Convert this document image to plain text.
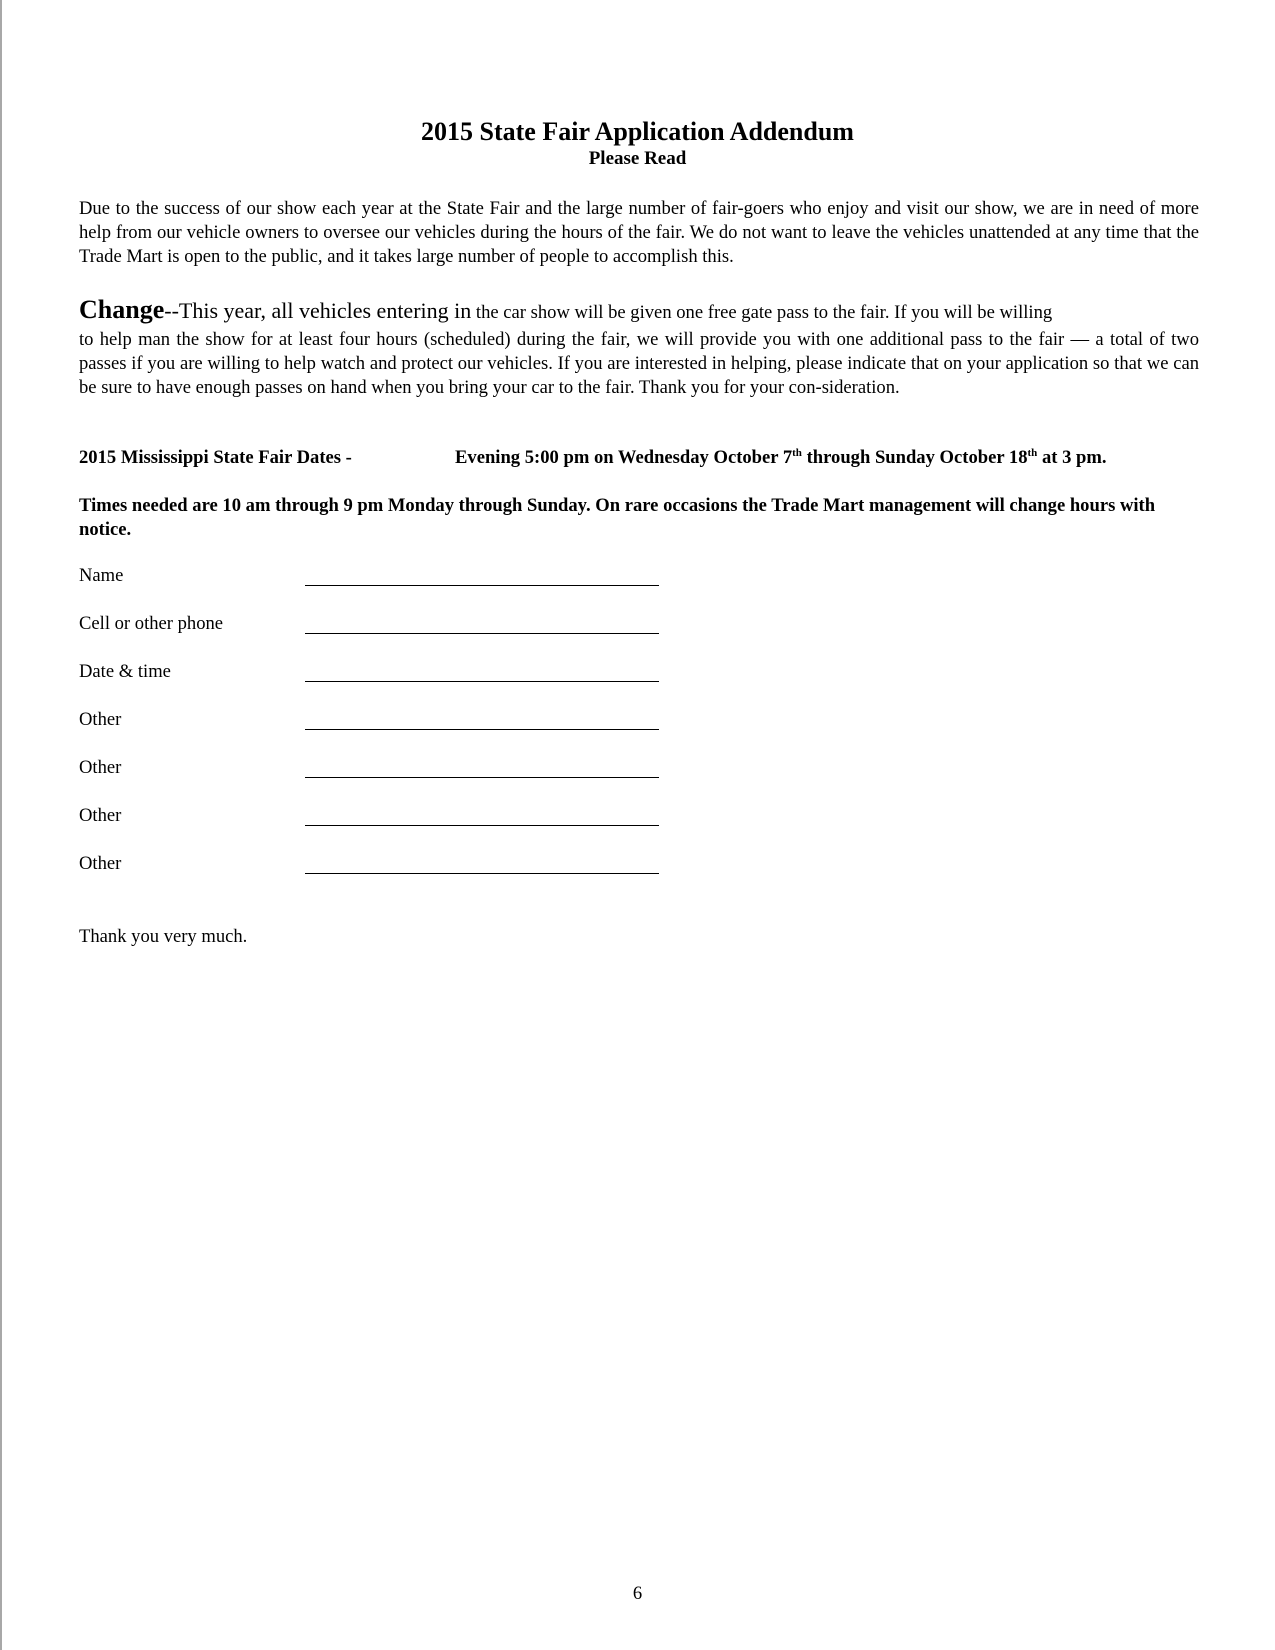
2015 State Fair Application Addendum
Please Read
Due to the success of our show each year at the State Fair and the large number of fair-goers who enjoy and visit our show, we are in need of more help from our vehicle owners to oversee our vehicles during the hours of the fair. We do not want to leave the vehicles unattended at any time that the Trade Mart is open to the public, and it takes large number of people to accomplish this.
Change--This year, all vehicles entering in the car show will be given one free gate pass to the fair. If you will be willing
to help man the show for at least four hours (scheduled) during the fair, we will provide you with one additional pass to the fair — a total of two passes if you are willing to help watch and protect our vehicles. If you are interested in helping, please indicate that on your application so that we can be sure to have enough passes on hand when you bring your car to the fair. Thank you for your con-sideration.
2015 Mississippi State Fair Dates -	Evening 5:00 pm on Wednesday October 7th through Sunday October 18th at 3 pm.
Times needed are 10 am through 9 pm Monday through Sunday. On rare occasions the Trade Mart management will change hours with notice.
Name
Cell or other phone
Date & time
Other
Other
Other
Other
Thank you very much.
6
